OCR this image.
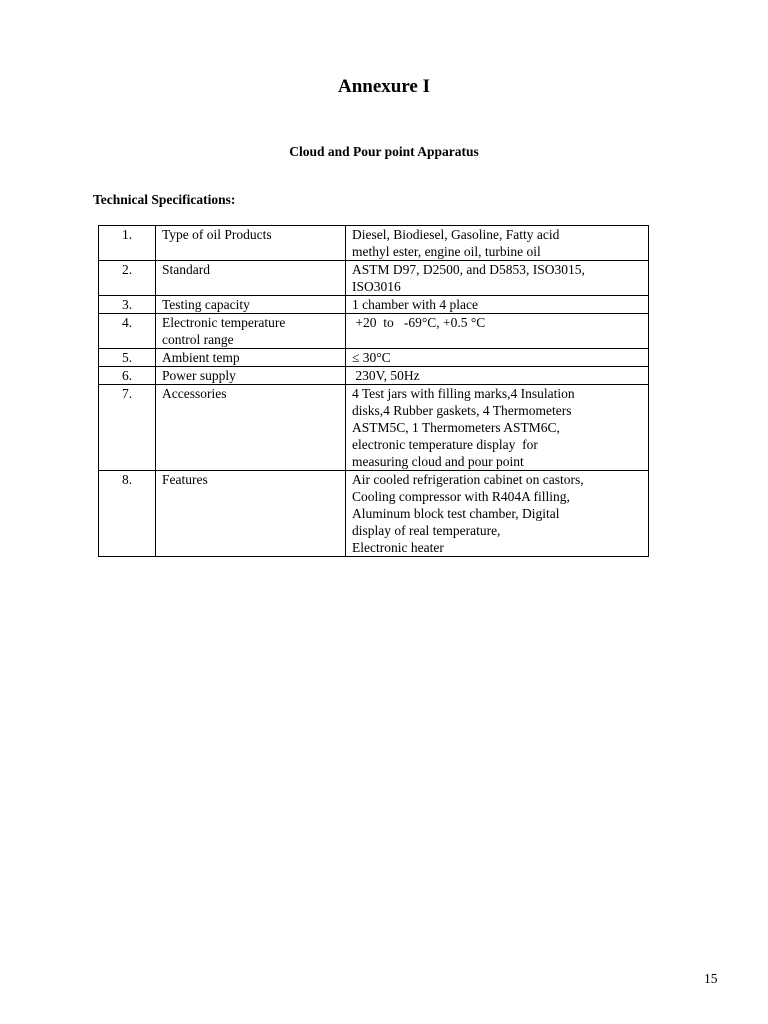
Annexure I
Cloud and Pour point Apparatus
Technical Specifications:
1.	Type of oil Products	Diesel, Biodiesel, Gasoline, Fatty acid
methyl ester, engine oil, turbine oil

2.	Standard	ASTM D97, D2500, and D5853, ISO3015,
ISO3016

3.	Testing capacity	1 chamber with 4 place

4.	Electronic temperature
control range	+20  to   -69°C, +0.5 °C

5.	Ambient temp	≤ 30°C

6.	Power supply	230V, 50Hz

7.	Accessories	4 Test jars with filling marks,4 Insulation
disks,4 Rubber gaskets, 4 Thermometers
ASTM5C, 1 Thermometers ASTM6C,
electronic temperature display  for
measuring cloud and pour point

8.	Features	Air cooled refrigeration cabinet on castors,
Cooling compressor with R404A filling,
Aluminum block test chamber, Digital
display of real temperature,
Electronic heater

15
